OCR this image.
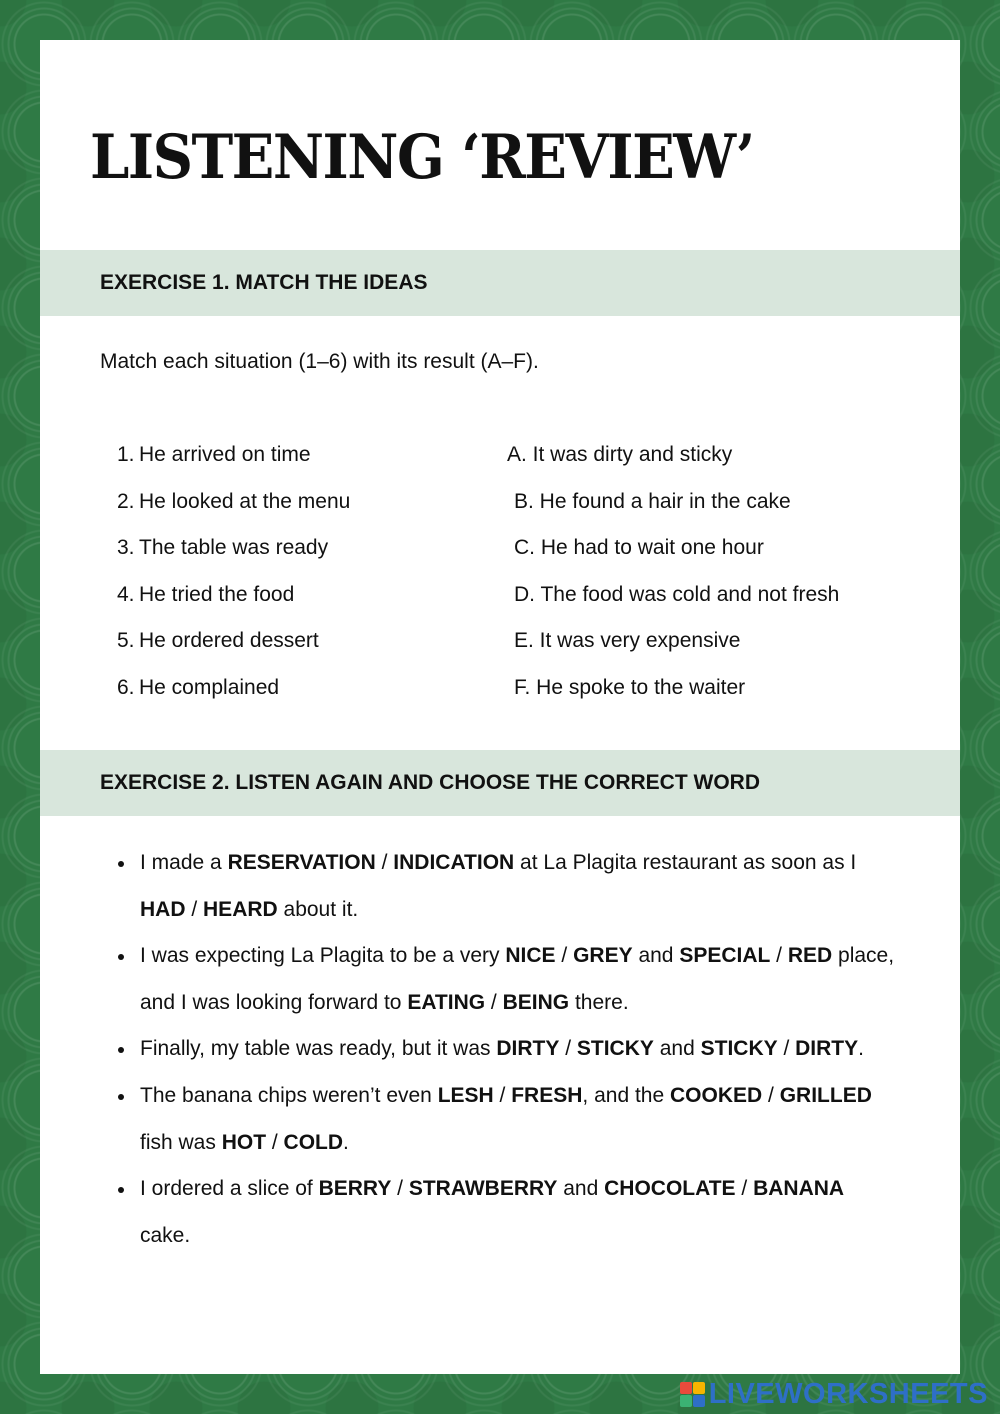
LISTENING ‘REVIEW’
EXERCISE 1. MATCH THE IDEAS
Match each situation (1–6) with its result (A–F).
1. He arrived on time
2. He looked at the menu
3. The table was ready
4. He tried the food
5. He ordered dessert
6. He complained
A. It was dirty and sticky
B. He found a hair in the cake
C. He had to wait one hour
D. The food was cold and not fresh
E. It was very expensive
F. He spoke to the waiter
EXERCISE 2. LISTEN AGAIN AND CHOOSE THE CORRECT WORD
I made a RESERVATION / INDICATION at La Plagita restaurant as soon as I HAD / HEARD about it.
I was expecting La Plagita to be a very NICE / GREY and SPECIAL / RED place, and I was looking forward to EATING / BEING there.
Finally, my table was ready, but it was DIRTY / STICKY and STICKY / DIRTY.
The banana chips weren’t even LESH / FRESH, and the COOKED / GRILLED fish was HOT / COLD.
I ordered a slice of BERRY / STRAWBERRY and CHOCOLATE / BANANA cake.
LIVEWORKSHEETS
